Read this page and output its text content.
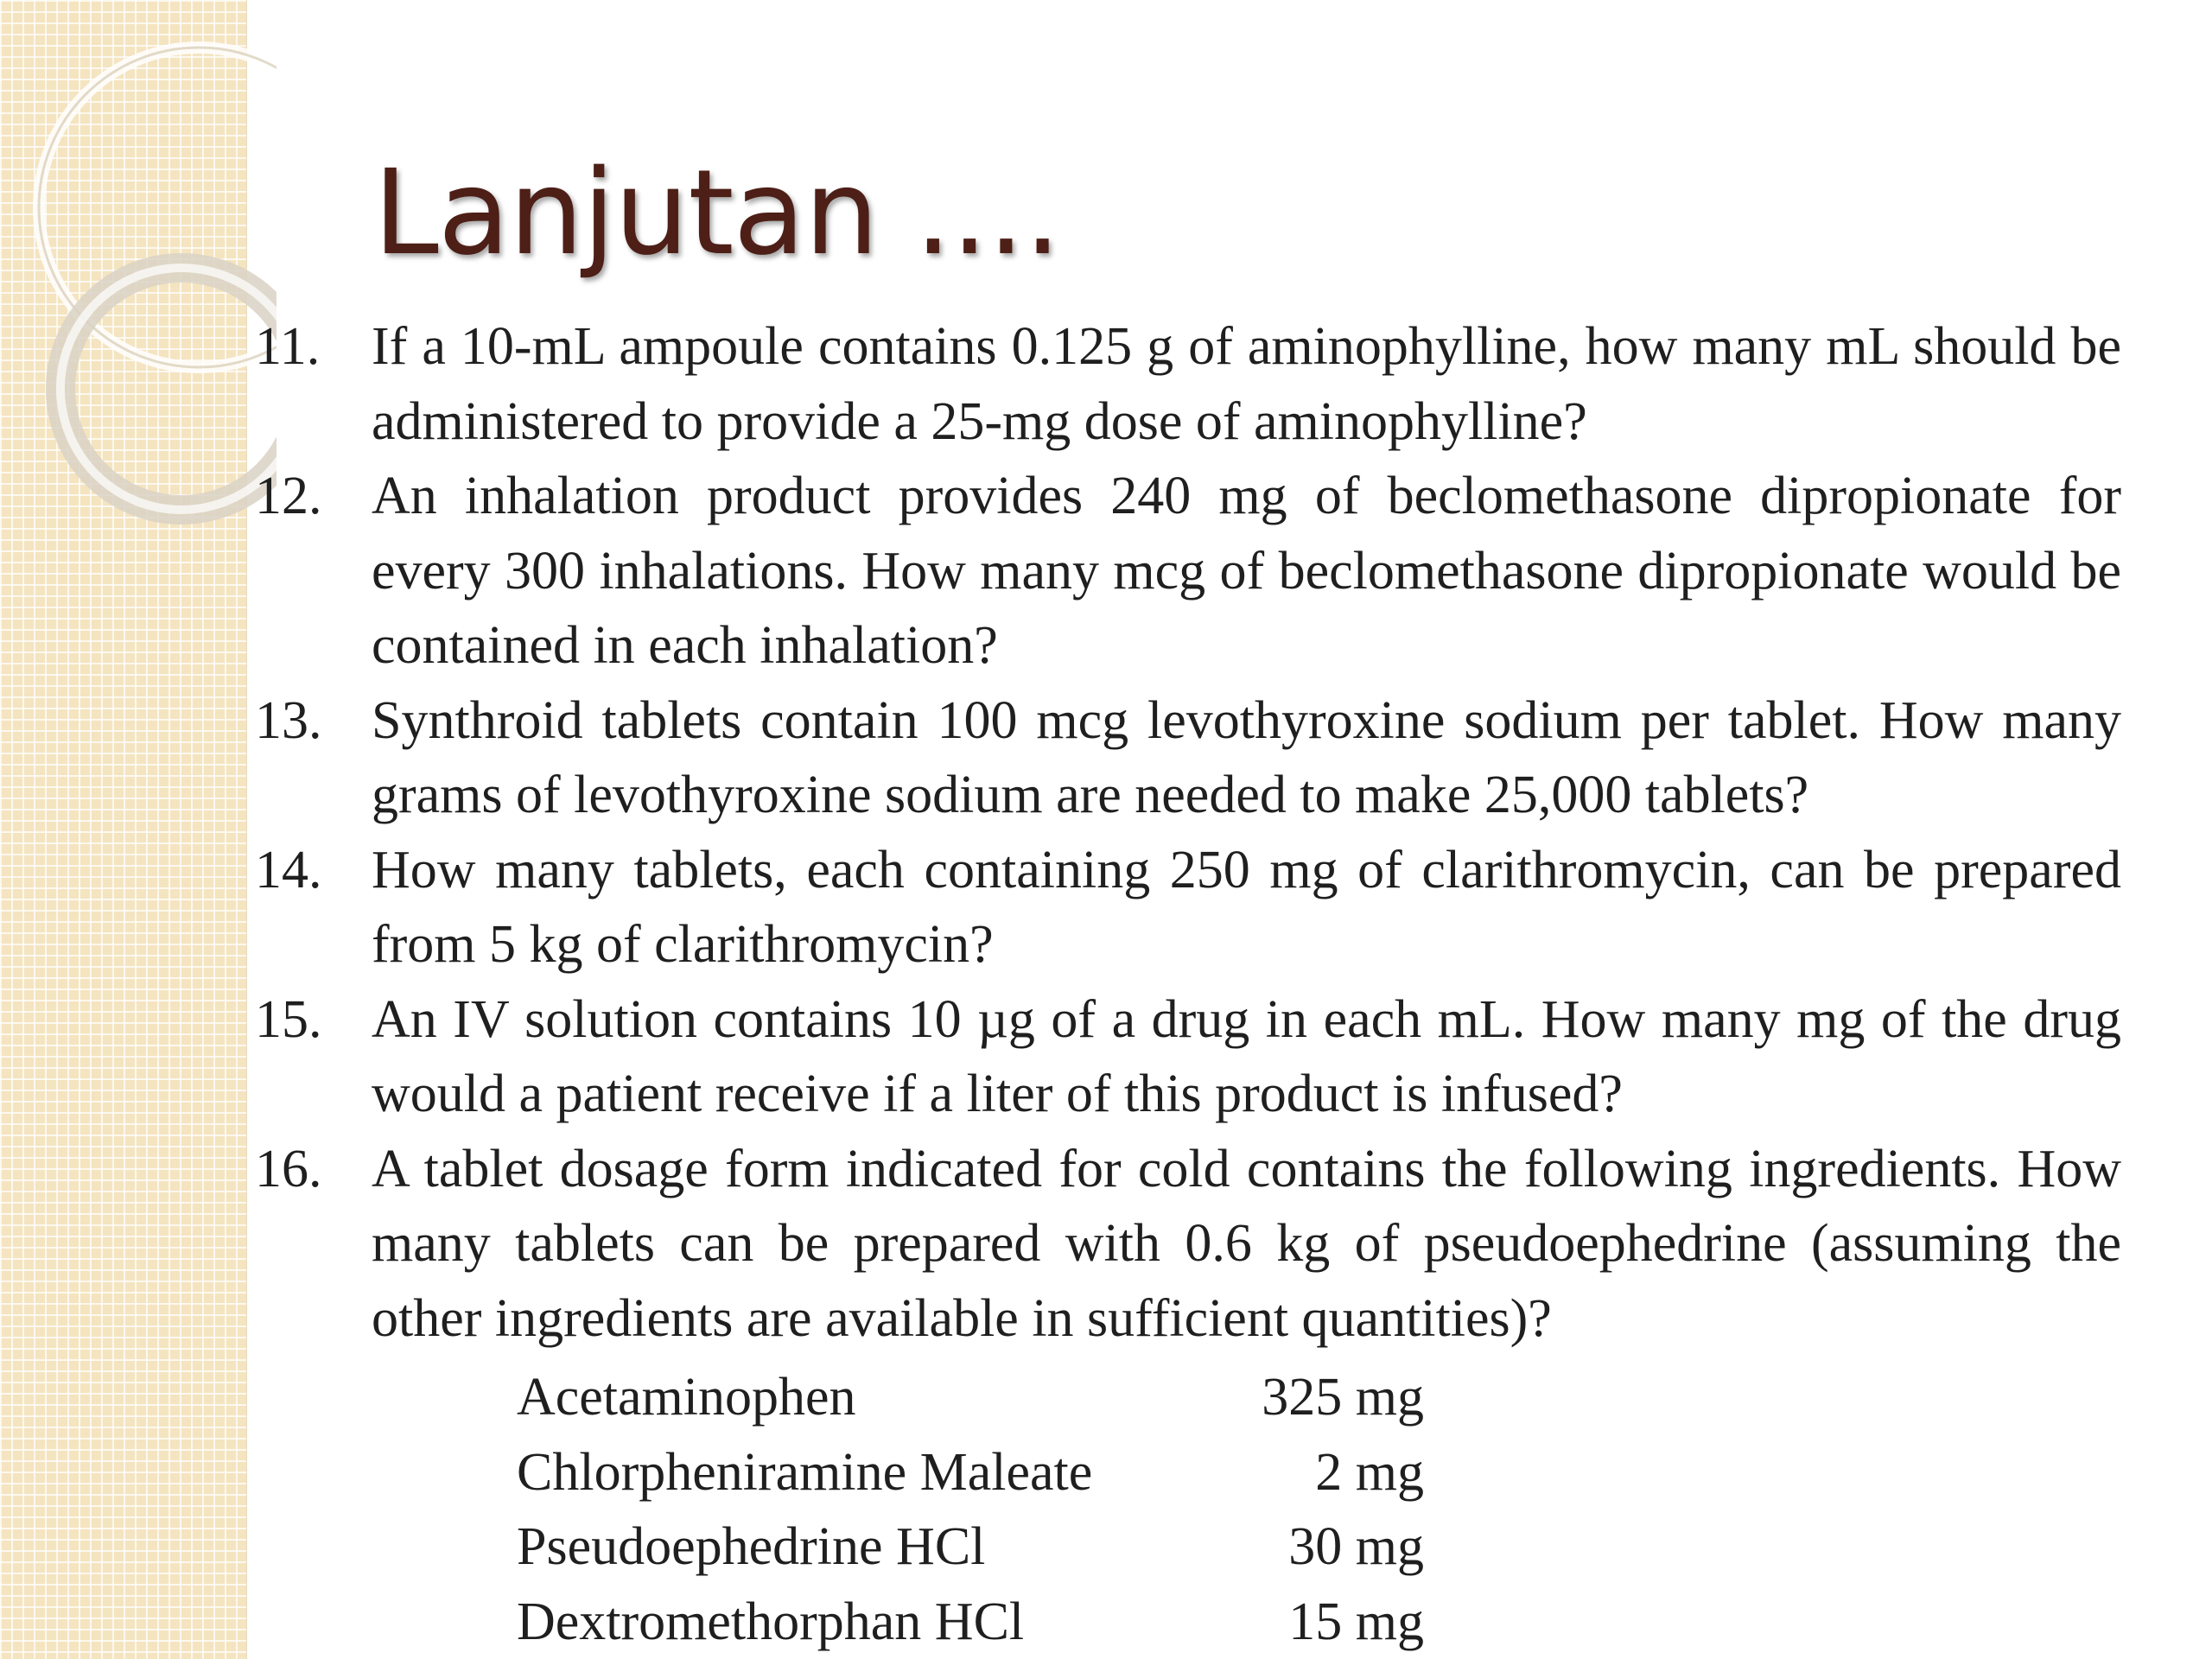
Lanjutan ....
11. If a 10-mL ampoule contains 0.125 g of aminophylline, how many mL should be administered to provide a 25-mg dose of aminophylline?
12. An inhalation product provides 240 mg of beclomethasone dipropionate for every 300 inhalations. How many mcg of beclomethasone dipropionate would be contained in each inhalation?
13. Synthroid tablets contain 100 mcg levothyroxine sodium per tablet. How many grams of levothyroxine sodium are needed to make 25,000 tablets?
14. How many tablets, each containing 250 mg of clarithromycin, can be prepared from 5 kg of clarithromycin?
15. An IV solution contains 10 µg of a drug in each mL. How many mg of the drug would a patient receive if a liter of this product is infused?
16. A tablet dosage form indicated for cold contains the following ingredients. How many tablets can be prepared with 0.6 kg of pseudoephedrine (assuming the other ingredients are available in sufficient quantities)?
Acetaminophen	325 mg
Chlorpheniramine Maleate	2 mg
Pseudoephedrine HCl	30 mg
Dextromethorphan HCl	15 mg
